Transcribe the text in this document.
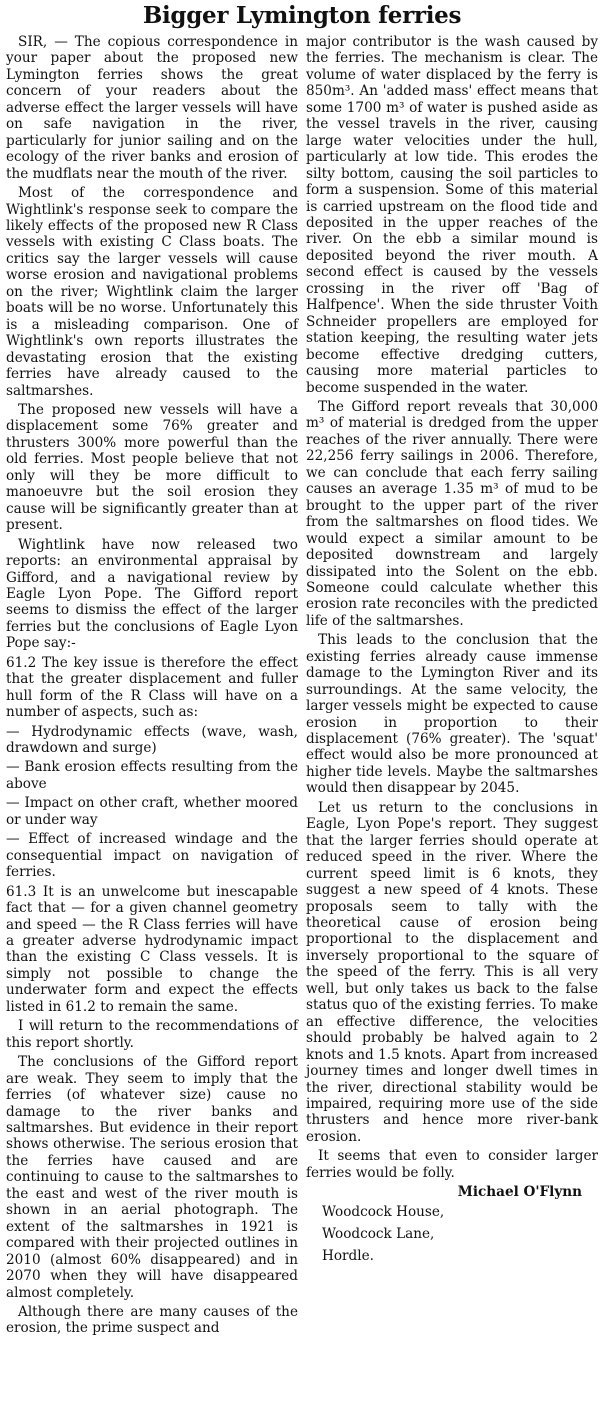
Bigger Lymington ferries

SIR, — The copious correspondence in your paper about the proposed new Lymington ferries shows the great concern of your readers about the adverse effect the larger vessels will have on safe navigation in the river, particularly for junior sailing and on the ecology of the river banks and erosion of the mudflats near the mouth of the river.

Most of the correspondence and Wightlink's response seek to compare the likely effects of the proposed new R Class vessels with existing C Class boats. The critics say the larger vessels will cause worse erosion and navigational problems on the river; Wightlink claim the larger boats will be no worse. Unfortunately this is a misleading comparison. One of Wightlink's own reports illustrates the devastating erosion that the existing ferries have already caused to the saltmarshes.

The proposed new vessels will have a displacement some 76% greater and thrusters 300% more powerful than the old ferries. Most people believe that not only will they be more difficult to manoeuvre but the soil erosion they cause will be significantly greater than at present.

Wightlink have now released two reports: an environmental appraisal by Gifford, and a navigational review by Eagle Lyon Pope. The Gifford report seems to dismiss the effect of the larger ferries but the conclusions of Eagle Lyon Pope say:-

61.2 The key issue is therefore the effect that the greater displacement and fuller hull form of the R Class will have on a number of aspects, such as:

— Hydrodynamic effects (wave, wash, drawdown and surge)

— Bank erosion effects resulting from the above

— Impact on other craft, whether moored or under way

— Effect of increased windage and the consequential impact on navigation of ferries.

61.3 It is an unwelcome but inescapable fact that — for a given channel geometry and speed — the R Class ferries will have a greater adverse hydrodynamic impact than the existing C Class vessels. It is simply not possible to change the underwater form and expect the effects listed in 61.2 to remain the same.

I will return to the recommendations of this report shortly.

The conclusions of the Gifford report are weak. They seem to imply that the ferries (of whatever size) cause no damage to the river banks and saltmarshes. But evidence in their report shows otherwise. The serious erosion that the ferries have caused and are continuing to cause to the saltmarshes to the east and west of the river mouth is shown in an aerial photograph. The extent of the saltmarshes in 1921 is compared with their projected outlines in 2010 (almost 60% disappeared) and in 2070 when they will have disappeared almost completely.

Although there are many causes of the erosion, the prime suspect and

major contributor is the wash caused by the ferries. The mechanism is clear. The volume of water displaced by the ferry is 850m³. An 'added mass' effect means that some 1700 m³ of water is pushed aside as the vessel travels in the river, causing large water velocities under the hull, particularly at low tide. This erodes the silty bottom, causing the soil particles to form a suspension. Some of this material is carried upstream on the flood tide and deposited in the upper reaches of the river. On the ebb a similar mound is deposited beyond the river mouth. A second effect is caused by the vessels crossing in the river off 'Bag of Halfpence'. When the side thruster Voith Schneider propellers are employed for station keeping, the resulting water jets become effective dredging cutters, causing more material particles to become suspended in the water.

The Gifford report reveals that 30,000 m³ of material is dredged from the upper reaches of the river annually. There were 22,256 ferry sailings in 2006. Therefore, we can conclude that each ferry sailing causes an average 1.35 m³ of mud to be brought to the upper part of the river from the saltmarshes on flood tides. We would expect a similar amount to be deposited downstream and largely dissipated into the Solent on the ebb. Someone could calculate whether this erosion rate reconciles with the predicted life of the saltmarshes.

This leads to the conclusion that the existing ferries already cause immense damage to the Lymington River and its surroundings. At the same velocity, the larger vessels might be expected to cause erosion in proportion to their displacement (76% greater). The 'squat' effect would also be more pronounced at higher tide levels. Maybe the saltmarshes would then disappear by 2045.

Let us return to the conclusions in Eagle, Lyon Pope's report. They suggest that the larger ferries should operate at reduced speed in the river. Where the current speed limit is 6 knots, they suggest a new speed of 4 knots. These proposals seem to tally with the theoretical cause of erosion being proportional to the displacement and inversely proportional to the square of the speed of the ferry. This is all very well, but only takes us back to the false status quo of the existing ferries. To make an effective difference, the velocities should probably be halved again to 2 knots and 1.5 knots. Apart from increased journey times and longer dwell times in the river, directional stability would be impaired, requiring more use of the side thrusters and hence more river-bank erosion.

It seems that even to consider larger ferries would be folly.

Michael O'Flynn
Woodcock House,
Woodcock Lane,
Hordle.
